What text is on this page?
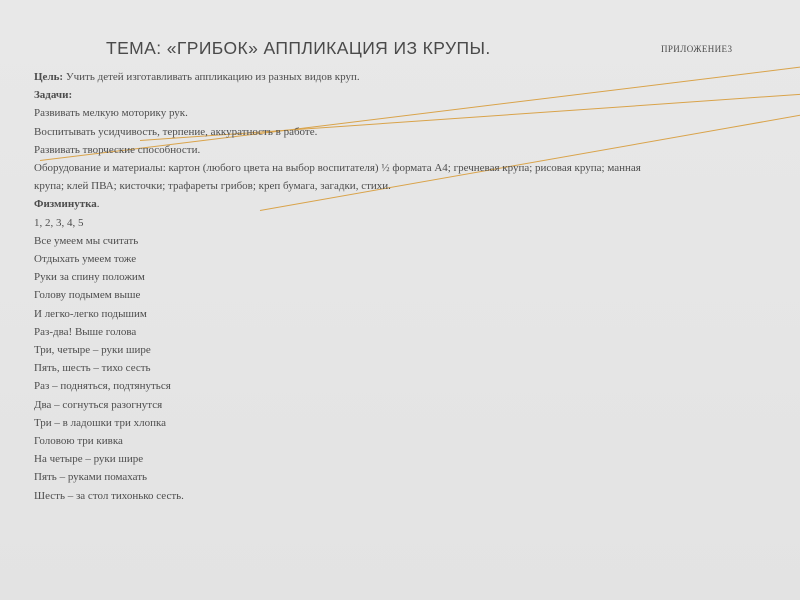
ТЕМА: «ГРИБОК» АППЛИКАЦИЯ ИЗ КРУПЫ.	ПРИЛОЖЕНИЕ3
Цель: Учить детей изготавливать аппликацию из разных видов круп.
Задачи:
Развивать мелкую моторику рук.
Воспитывать усидчивость, терпение, аккуратность в работе.
Развивать творческие способности.
Оборудование и материалы: картон (любого цвета на выбор воспитателя) ½ формата А4; гречневая крупа; рисовая крупа; манная
крупа; клей ПВА; кисточки; трафареты грибов; креп бумага, загадки, стихи.
Физминутка.
1, 2, 3, 4, 5
Все умеем мы считать
Отдыхать умеем тоже
Руки за спину положим
Голову подымем выше
И легко-легко подышим
Раз-два! Выше голова
Три, четыре – руки шире
Пять, шесть – тихо сесть
Раз – подняться, подтянуться
Два – согнуться разогнутся
Три – в ладошки три хлопка
Головою три кивка
На четыре – руки шире
Пять – руками помахать
Шесть – за стол тихонько сесть.
